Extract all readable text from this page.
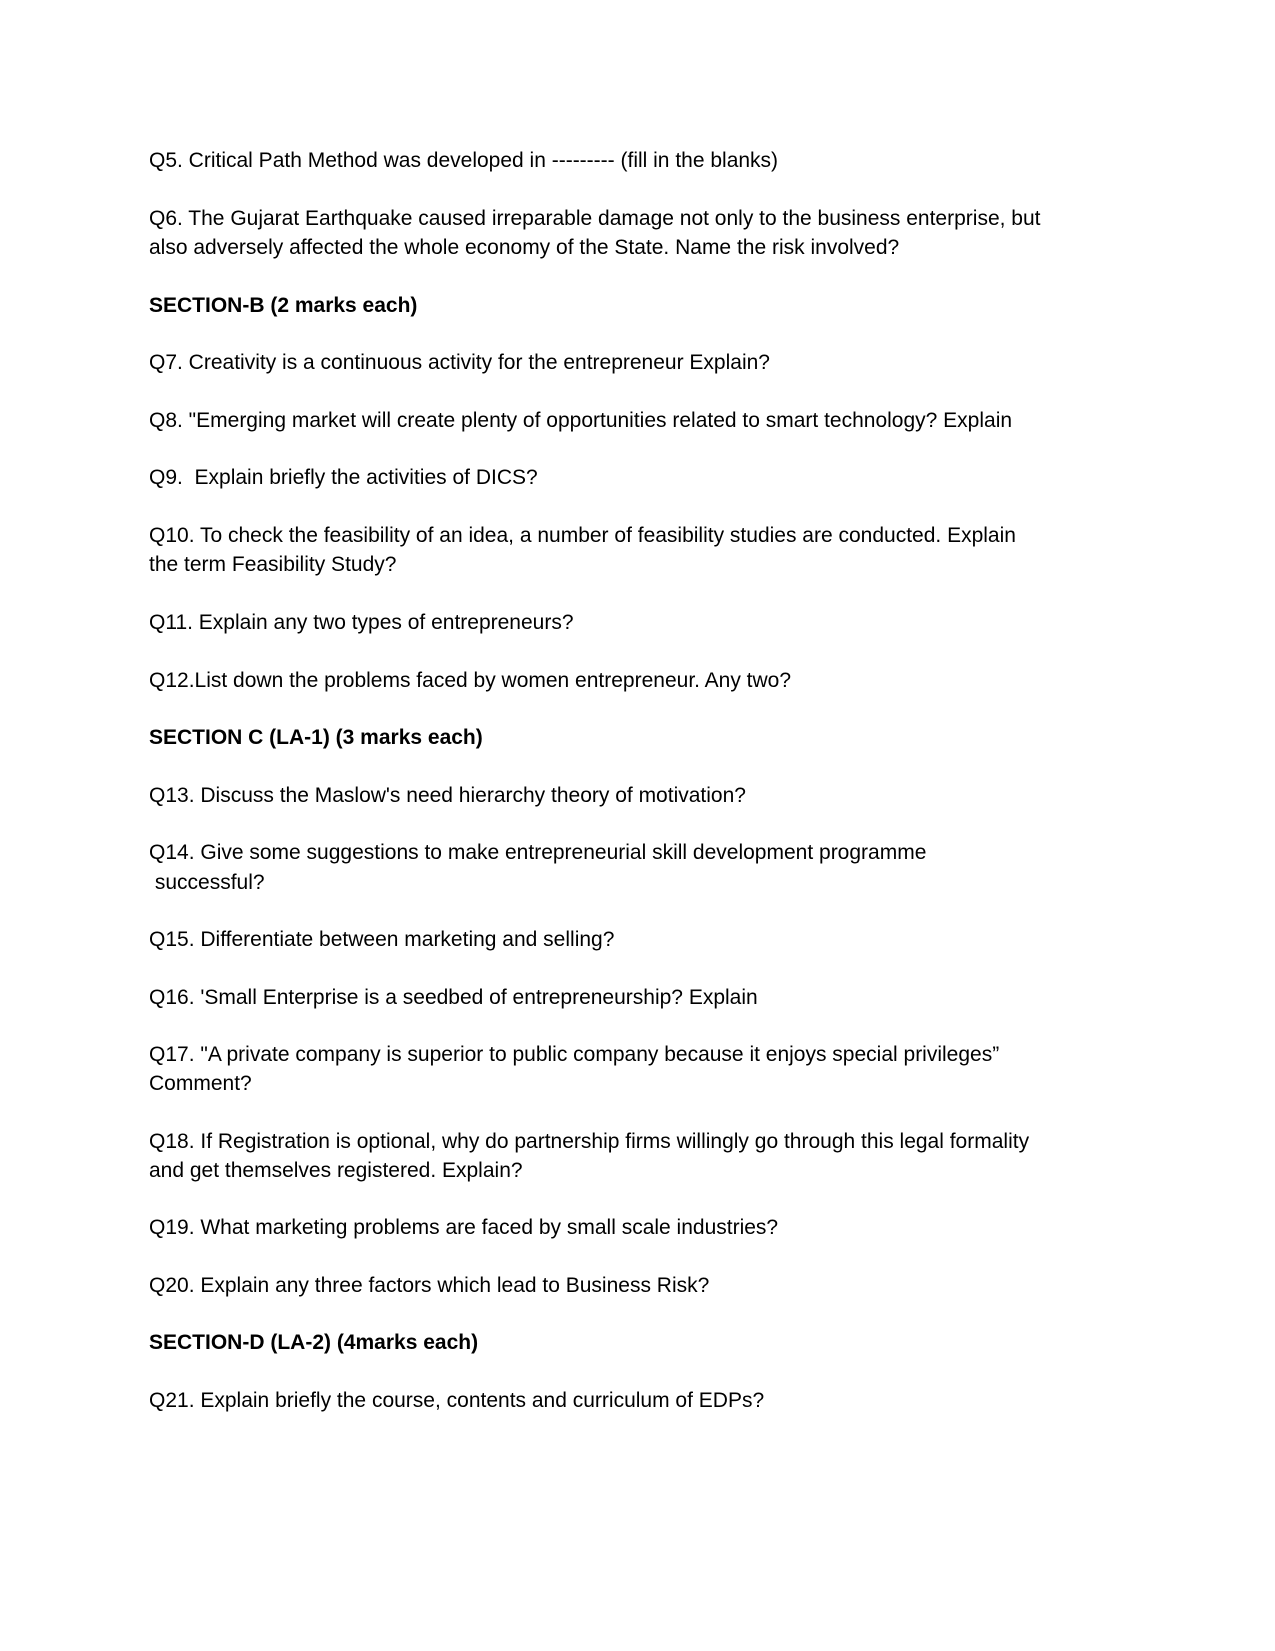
Q5. Critical Path Method was developed in --------- (fill in the blanks)

Q6. The Gujarat Earthquake caused irreparable damage not only to the business enterprise, but

also adversely affected the whole economy of the State. Name the risk involved?

SECTION-B (2 marks each)

Q7. Creativity is a continuous activity for the entrepreneur Explain?

Q8. "Emerging market will create plenty of opportunities related to smart technology? Explain

Q9.  Explain briefly the activities of DICS?

Q10. To check the feasibility of an idea, a number of feasibility studies are conducted. Explain

the term Feasibility Study?

Q11. Explain any two types of entrepreneurs?

Q12.List down the problems faced by women entrepreneur. Any two?

SECTION C (LA-1) (3 marks each)

Q13. Discuss the Maslow's need hierarchy theory of motivation?

Q14. Give some suggestions to make entrepreneurial skill development programme

successful?

Q15. Differentiate between marketing and selling?

Q16. 'Small Enterprise is a seedbed of entrepreneurship? Explain

Q17. "A private company is superior to public company because it enjoys special privileges”

Comment?

Q18. If Registration is optional, why do partnership firms willingly go through this legal formality

and get themselves registered. Explain?

Q19. What marketing problems are faced by small scale industries?

Q20. Explain any three factors which lead to Business Risk?

SECTION-D (LA-2) (4marks each)

Q21. Explain briefly the course, contents and curriculum of EDPs?
